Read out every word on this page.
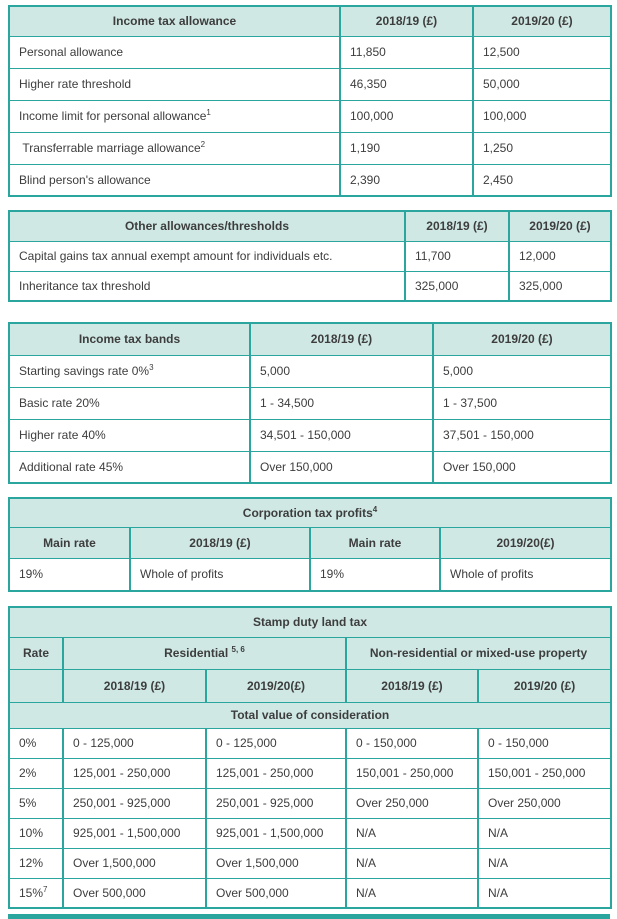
Income tax allowance	2018/19 (£)	2019/20 (£)
Personal allowance	11,850	12,500
Higher rate threshold	46,350	50,000
Income limit for personal allowance$^1$	100,000	100,000
Transferrable marriage allowance$^2$	1,190	1,250
Blind person's allowance	2,390	2,450
Other allowances/thresholds	2018/19 (£)	2019/20 (£)
Capital gains tax annual exempt amount for individuals etc.	11,700	12,000
Inheritance tax threshold	325,000	325,000
Income tax bands	2018/19 (£)	2019/20 (£)
Starting savings rate 0%$^3$	5,000	5,000
Basic rate 20%	1 - 34,500	1 - 37,500
Higher rate 40%	34,501 - 150,000	37,501 - 150,000
Additional rate 45%	Over 150,000	Over 150,000
Corporation tax profits$^4$
Main rate	2018/19 (£)	Main rate	2019/20(£)
19%	Whole of profits	19%	Whole of profits
Stamp duty land tax				
Rate	Residential $^{5, 6}$		Non-residential or mixed-use property	
	2018/19 (£)	2019/20(£)	2018/19 (£)	2019/20 (£)
Total value of consideration				
0%	0 - 125,000	0 - 125,000	0 - 150,000	0 - 150,000
2%	125,001 - 250,000	125,001 - 250,000	150,001 - 250,000	150,001 - 250,000
5%	250,001 - 925,000	250,001 - 925,000	Over 250,000	Over 250,000
10%	925,001 - 1,500,000	925,001 - 1,500,000	N/A	N/A
12%	Over 1,500,000	Over 1,500,000	N/A	N/A
15%$^7$	Over 500,000	Over 500,000	N/A	N/A
